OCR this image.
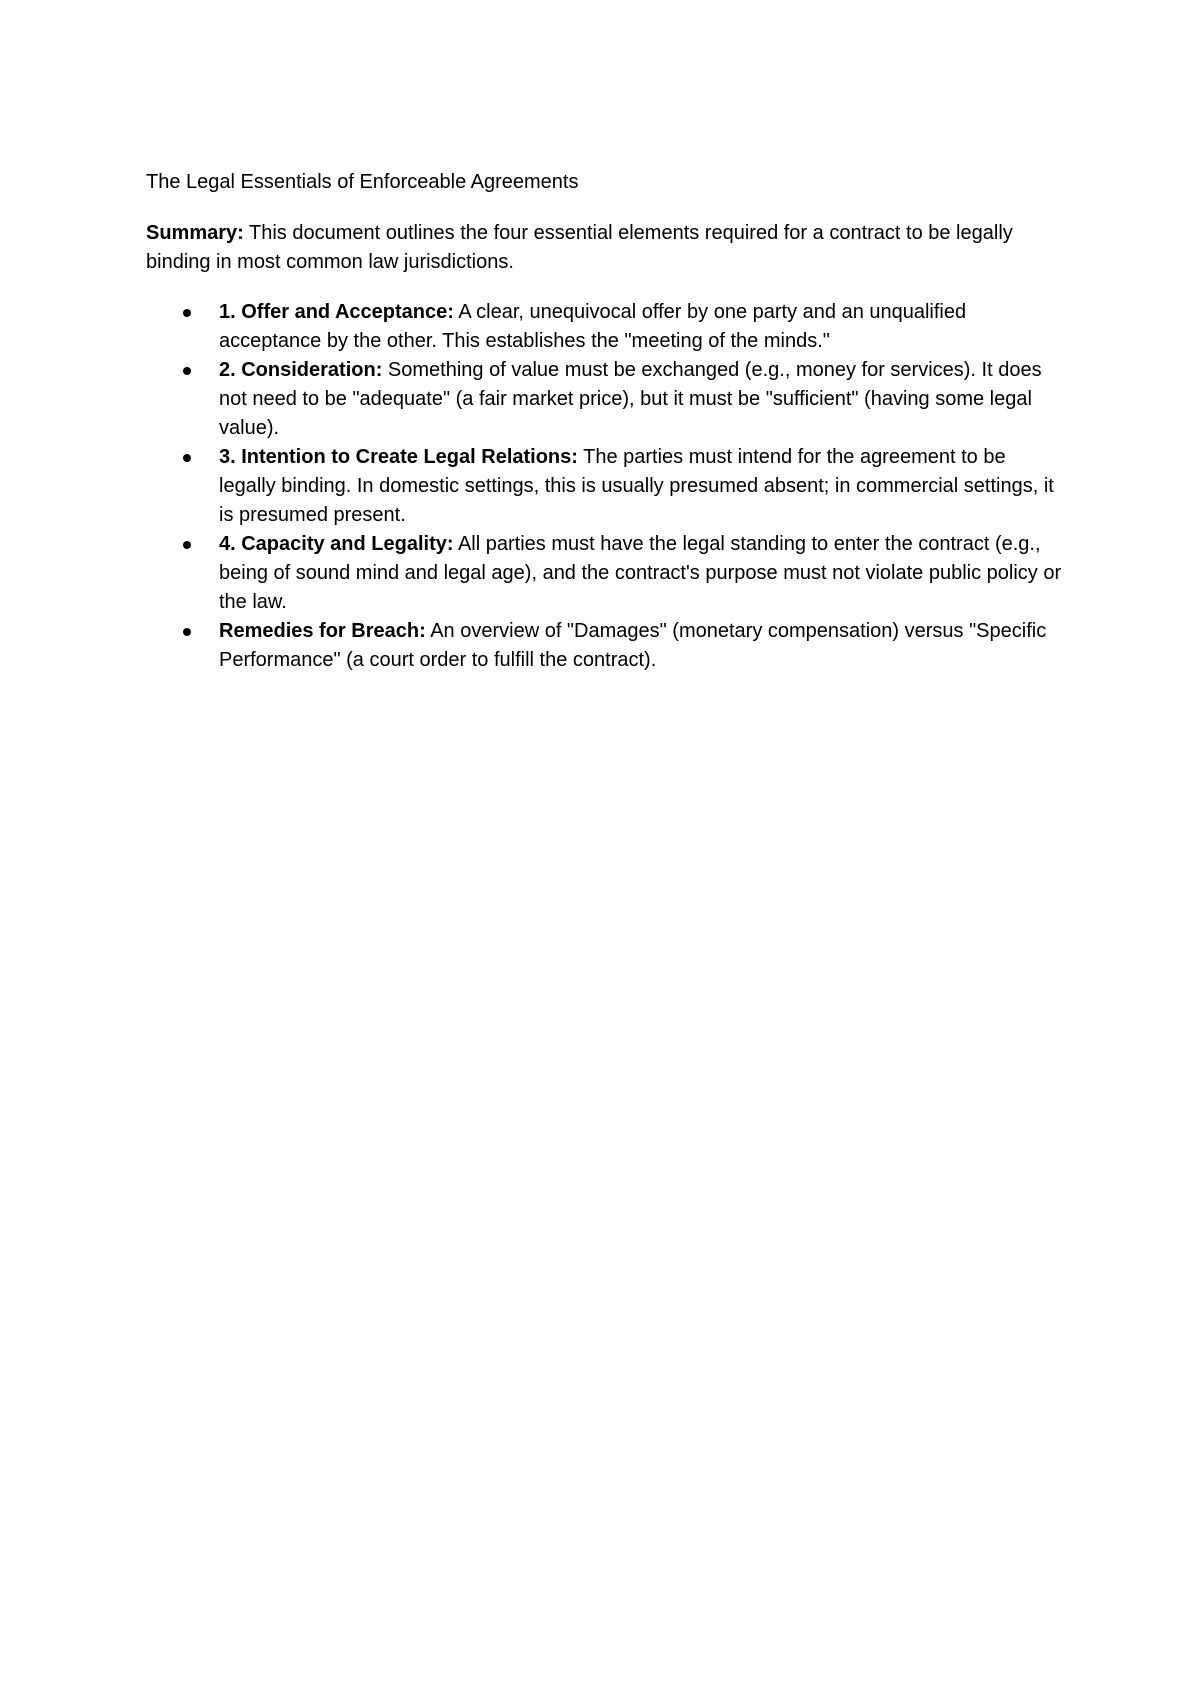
The Legal Essentials of Enforceable Agreements

Summary: This document outlines the four essential elements required for a contract to be legally binding in most common law jurisdictions.

1. Offer and Acceptance: A clear, unequivocal offer by one party and an unqualified acceptance by the other. This establishes the "meeting of the minds."
2. Consideration: Something of value must be exchanged (e.g., money for services). It does not need to be "adequate" (a fair market price), but it must be "sufficient" (having some legal value).
3. Intention to Create Legal Relations: The parties must intend for the agreement to be legally binding. In domestic settings, this is usually presumed absent; in commercial settings, it is presumed present.
4. Capacity and Legality: All parties must have the legal standing to enter the contract (e.g., being of sound mind and legal age), and the contract's purpose must not violate public policy or the law.
Remedies for Breach: An overview of "Damages" (monetary compensation) versus "Specific Performance" (a court order to fulfill the contract).
